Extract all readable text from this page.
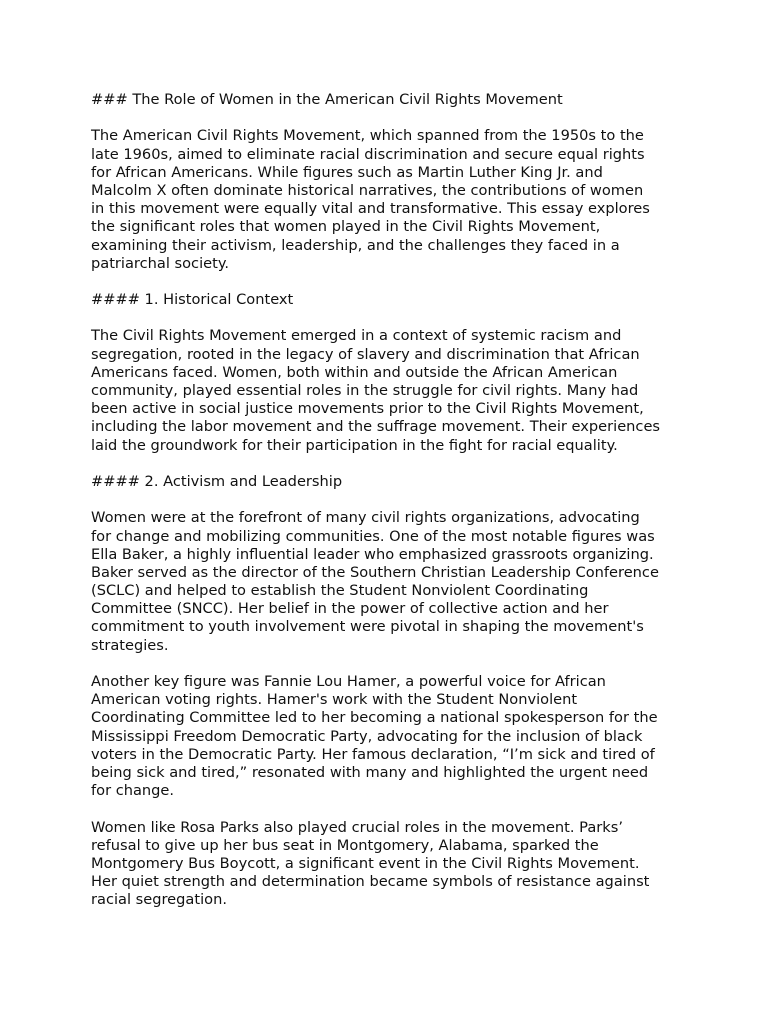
### The Role of Women in the American Civil Rights Movement
The American Civil Rights Movement, which spanned from the 1950s to the
late 1960s, aimed to eliminate racial discrimination and secure equal rights
for African Americans. While figures such as Martin Luther King Jr. and
Malcolm X often dominate historical narratives, the contributions of women
in this movement were equally vital and transformative. This essay explores
the significant roles that women played in the Civil Rights Movement,
examining their activism, leadership, and the challenges they faced in a
patriarchal society.
#### 1. Historical Context
The Civil Rights Movement emerged in a context of systemic racism and
segregation, rooted in the legacy of slavery and discrimination that African
Americans faced. Women, both within and outside the African American
community, played essential roles in the struggle for civil rights. Many had
been active in social justice movements prior to the Civil Rights Movement,
including the labor movement and the suffrage movement. Their experiences
laid the groundwork for their participation in the fight for racial equality.
#### 2. Activism and Leadership
Women were at the forefront of many civil rights organizations, advocating
for change and mobilizing communities. One of the most notable figures was
Ella Baker, a highly influential leader who emphasized grassroots organizing.
Baker served as the director of the Southern Christian Leadership Conference
(SCLC) and helped to establish the Student Nonviolent Coordinating
Committee (SNCC). Her belief in the power of collective action and her
commitment to youth involvement were pivotal in shaping the movement's
strategies.
Another key figure was Fannie Lou Hamer, a powerful voice for African
American voting rights. Hamer's work with the Student Nonviolent
Coordinating Committee led to her becoming a national spokesperson for the
Mississippi Freedom Democratic Party, advocating for the inclusion of black
voters in the Democratic Party. Her famous declaration, “I’m sick and tired of
being sick and tired,” resonated with many and highlighted the urgent need
for change.
Women like Rosa Parks also played crucial roles in the movement. Parks’
refusal to give up her bus seat in Montgomery, Alabama, sparked the
Montgomery Bus Boycott, a significant event in the Civil Rights Movement.
Her quiet strength and determination became symbols of resistance against
racial segregation.
